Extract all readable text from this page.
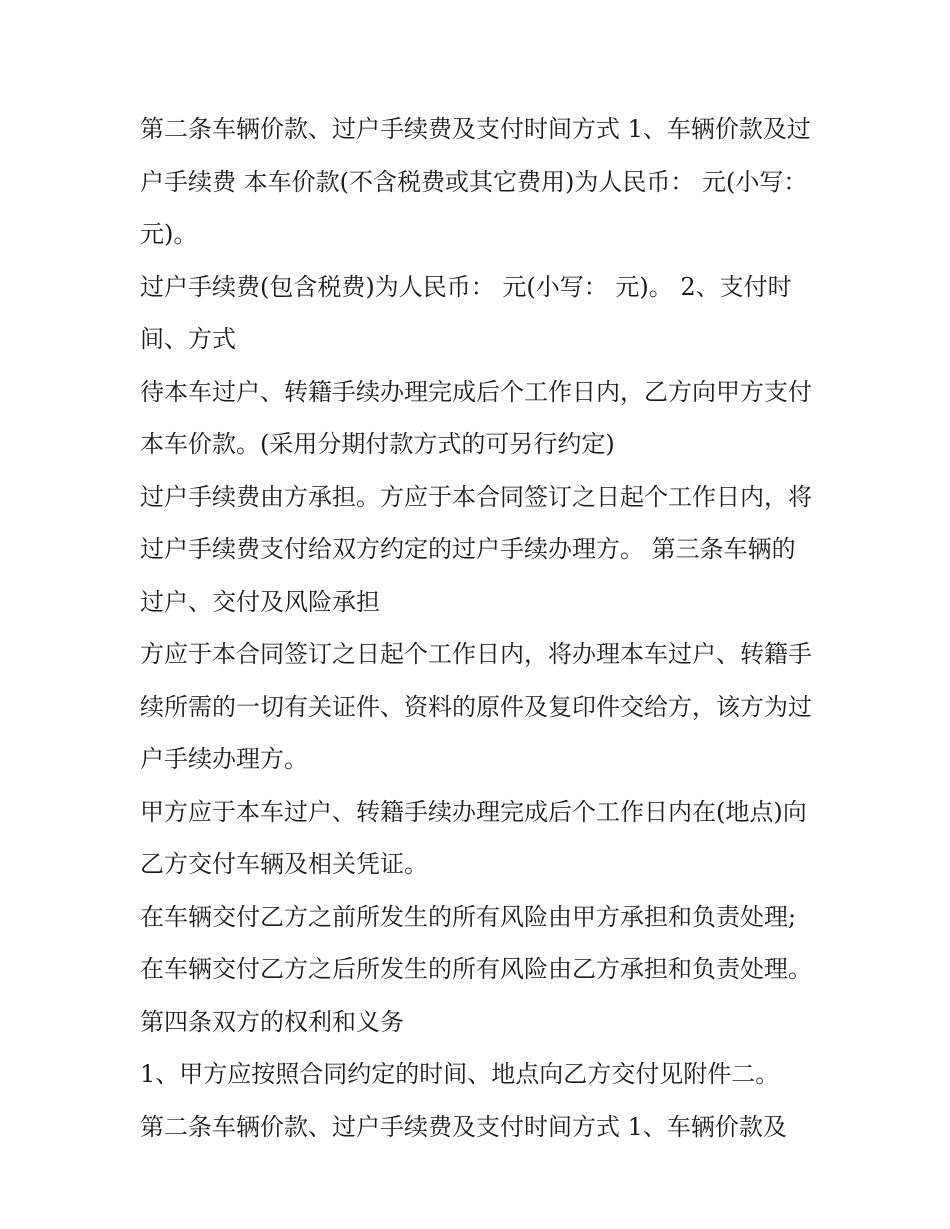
第二条车辆价款、过户手续费及支付时间方式 1、车辆价款及过户手续费 本车价款(不含税费或其它费用)为人民币： 元(小写： 元)。

过户手续费(包含税费)为人民币： 元(小写： 元)。 2、支付时间、方式

待本车过户、转籍手续办理完成后个工作日内，乙方向甲方支付本车价款。(采用分期付款方式的可另行约定)

过户手续费由方承担。方应于本合同签订之日起个工作日内，将过户手续费支付给双方约定的过户手续办理方。 第三条车辆的过户、交付及风险承担

方应于本合同签订之日起个工作日内，将办理本车过户、转籍手续所需的一切有关证件、资料的原件及复印件交给方，该方为过户手续办理方。

甲方应于本车过户、转籍手续办理完成后个工作日内在(地点)向乙方交付车辆及相关凭证。

在车辆交付乙方之前所发生的所有风险由甲方承担和负责处理;在车辆交付乙方之后所发生的所有风险由乙方承担和负责处理。 第四条双方的权利和义务

1、甲方应按照合同约定的时间、地点向乙方交付见附件二。

第二条车辆价款、过户手续费及支付时间方式 1、车辆价款及
